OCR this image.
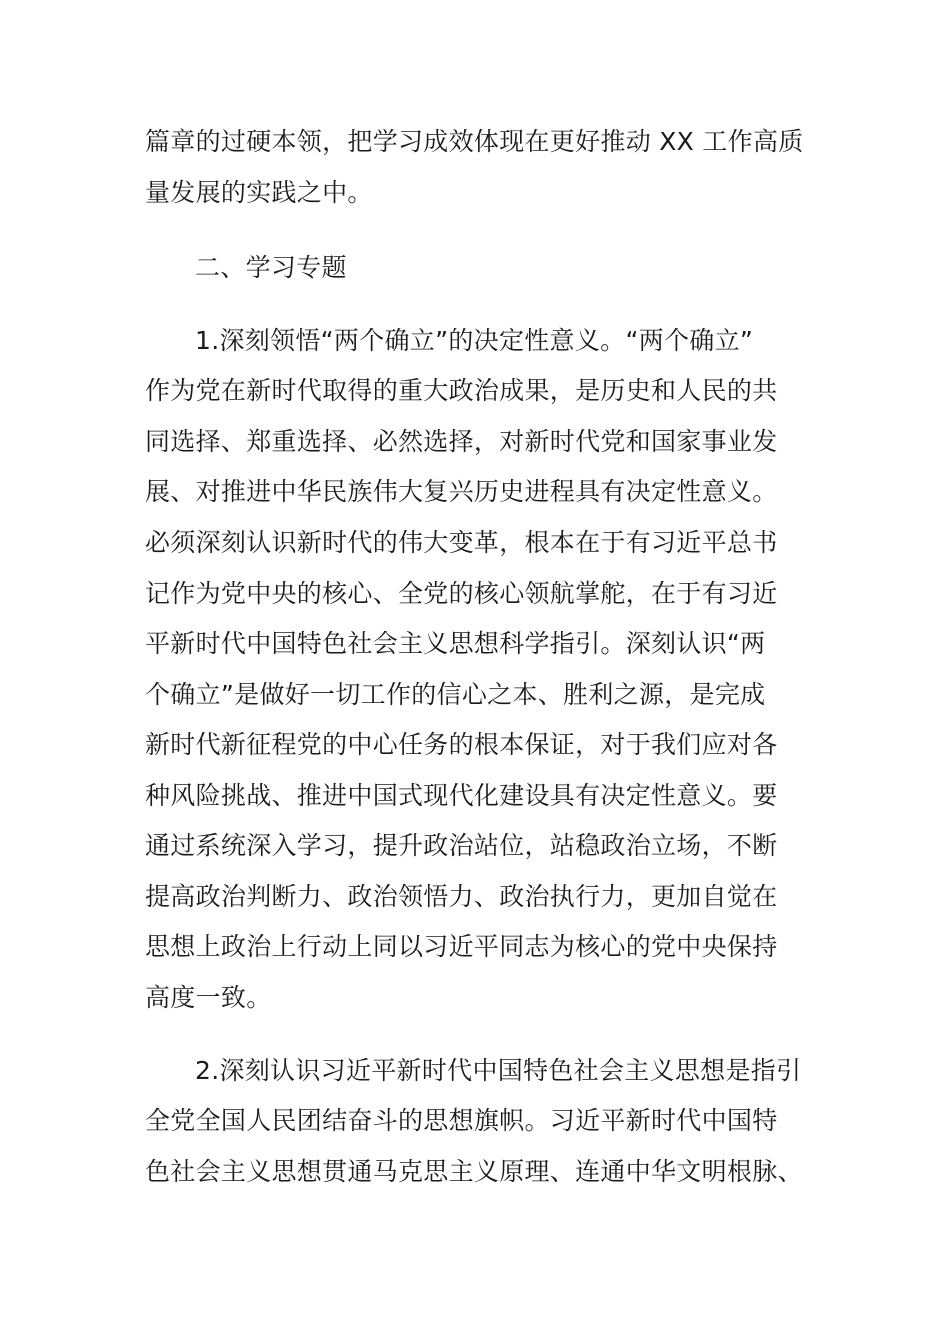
篇章的过硬本领，把学习成效体现在更好推动 XX 工作高质
量发展的实践之中。
二、学习专题
1.深刻领悟“两个确立”的决定性意义。“两个确立”
作为党在新时代取得的重大政治成果，是历史和人民的共
同选择、郑重选择、必然选择，对新时代党和国家事业发
展、对推进中华民族伟大复兴历史进程具有决定性意义。
必须深刻认识新时代的伟大变革，根本在于有习近平总书
记作为党中央的核心、全党的核心领航掌舵，在于有习近
平新时代中国特色社会主义思想科学指引。深刻认识“两
个确立”是做好一切工作的信心之本、胜利之源，是完成
新时代新征程党的中心任务的根本保证，对于我们应对各
种风险挑战、推进中国式现代化建设具有决定性意义。要
通过系统深入学习，提升政治站位，站稳政治立场，不断
提高政治判断力、政治领悟力、政治执行力，更加自觉在
思想上政治上行动上同以习近平同志为核心的党中央保持
高度一致。
2.深刻认识习近平新时代中国特色社会主义思想是指引
全党全国人民团结奋斗的思想旗帜。习近平新时代中国特
色社会主义思想贯通马克思主义原理、连通中华文明根脉、
